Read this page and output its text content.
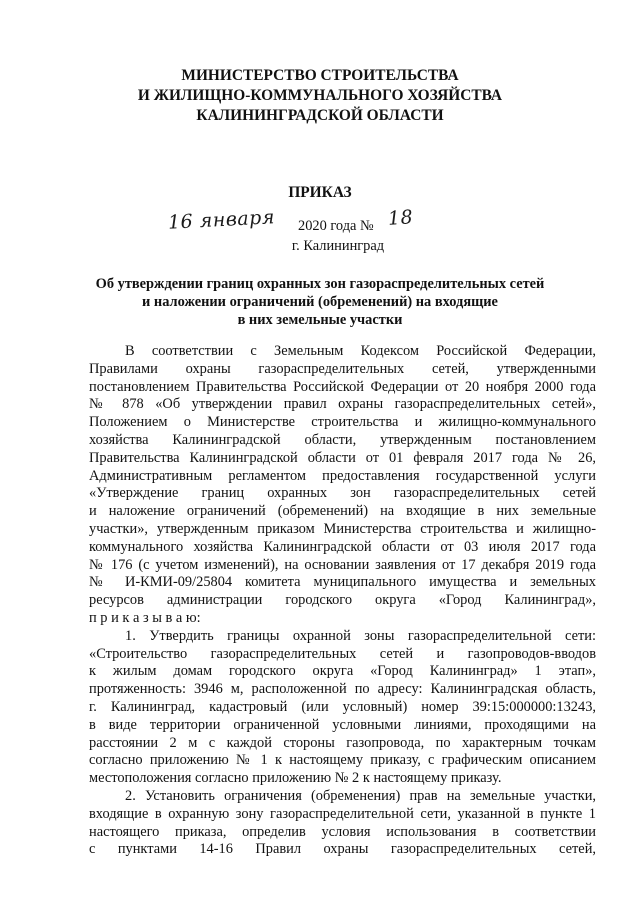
МИНИСТЕРСТВО СТРОИТЕЛЬСТВА
И ЖИЛИЩНО-КОММУНАЛЬНОГО ХОЗЯЙСТВА
КАЛИНИНГРАДСКОЙ ОБЛАСТИ
ПРИКАЗ
16 января 2020 года № 18
г. Калининград
Об утверждении границ охранных зон газораспределительных сетей
и наложении ограничений (обременений) на входящие
в них земельные участки
В соответствии с Земельным Кодексом Российской Федерации,
Правилами охраны газораспределительных сетей, утвержденными
постановлением Правительства Российской Федерации от 20 ноября 2000 года
№ 878 «Об утверждении правил охраны газораспределительных сетей»,
Положением о Министерстве строительства и жилищно-коммунального
хозяйства Калининградской области, утвержденным постановлением
Правительства Калининградской области от 01 февраля 2017 года № 26,
Административным регламентом предоставления государственной услуги
«Утверждение границ охранных зон газораспределительных сетей
и наложение ограничений (обременений) на входящие в них земельные
участки», утвержденным приказом Министерства строительства и жилищно-
коммунального хозяйства Калининградской области от 03 июля 2017 года
№ 176 (с учетом изменений), на основании заявления от 17 декабря 2019 года
№ И-КМИ-09/25804 комитета муниципального имущества и земельных
ресурсов администрации городского округа «Город Калининград»,
п р и к а з ы в а ю:
1. Утвердить границы охранной зоны газораспределительной сети:
«Строительство газораспределительных сетей и газопроводов-вводов
к жилым домам городского округа «Город Калининград» 1 этап»,
протяженность: 3946 м, расположенной по адресу: Калининградская область,
г. Калининград, кадастровый (или условный) номер 39:15:000000:13243,
в виде территории ограниченной условными линиями, проходящими на
расстоянии 2 м с каждой стороны газопровода, по характерным точкам
согласно приложению № 1 к настоящему приказу, с графическим описанием
местоположения согласно приложению № 2 к настоящему приказу.
2. Установить ограничения (обременения) прав на земельные участки,
входящие в охранную зону газораспределительной сети, указанной в пункте 1
настоящего приказа, определив условия использования в соответствии
с пунктами 14-16 Правил охраны газораспределительных сетей,
